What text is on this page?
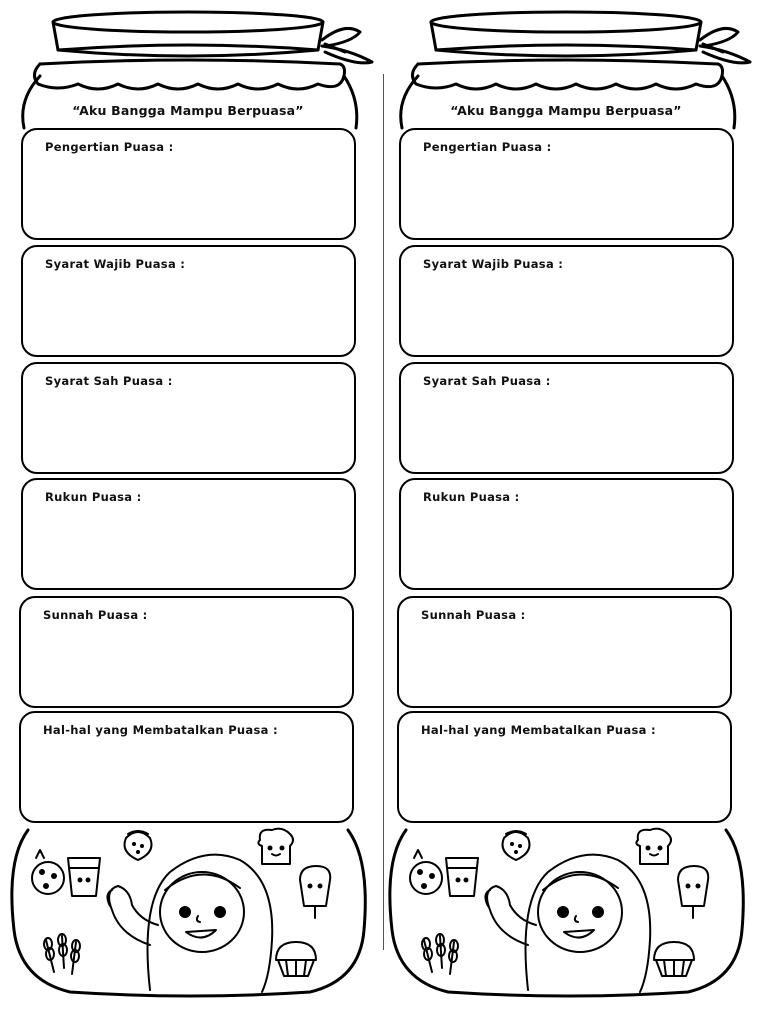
“Aku Bangga Mampu Berpuasa”
Pengertian Puasa :
Syarat Wajib Puasa :
Syarat Sah Puasa :
Rukun Puasa :
Sunnah Puasa :
Hal-hal yang Membatalkan Puasa :
“Aku Bangga Mampu Berpuasa”
Pengertian Puasa :
Syarat Wajib Puasa :
Syarat Sah Puasa :
Rukun Puasa :
Sunnah Puasa :
Hal-hal yang Membatalkan Puasa :
